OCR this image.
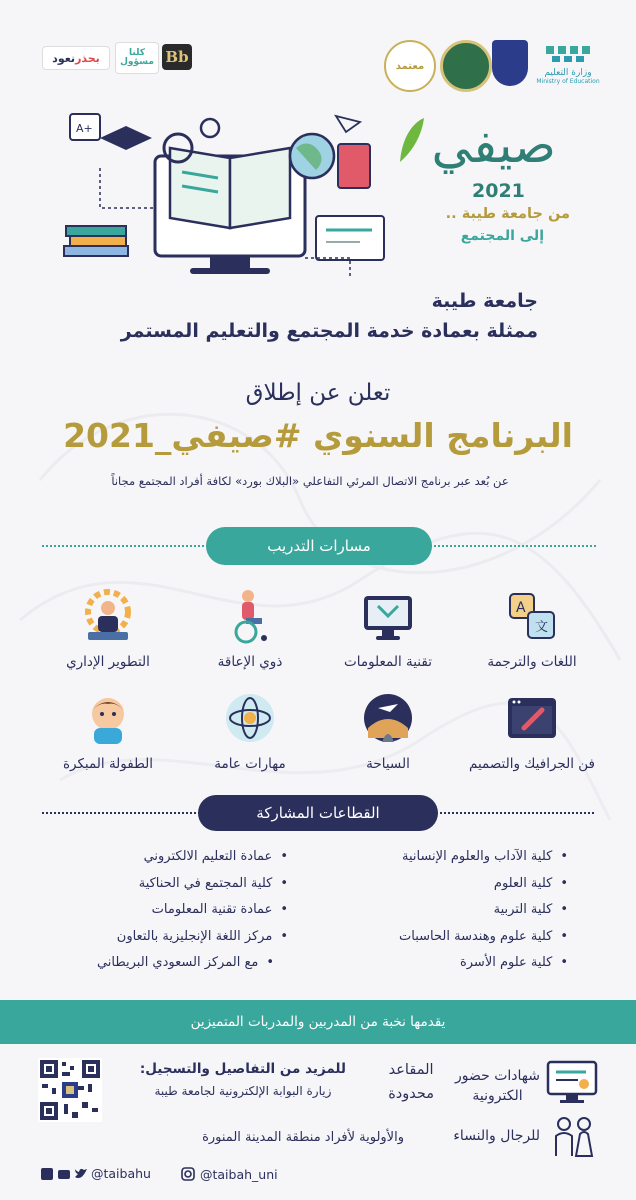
نعود بحذر	كلنا مسؤول Bb	معتمد
وزارة التعليم
Ministry of Education
A+	صيفي
2021
من جامعة طيبة ..
إلى المجتمع
جامعة طيبة
ممثلة بعمادة خدمة المجتمع والتعليم المستمر
تعلن عن إطلاق
البرنامج السنوي #صيفي_2021
عن بُعد عبر برنامج الاتصال المرئي التفاعلي «البلاك بورد» لكافة أفراد المجتمع مجاناً
مسارات التدريب
A
文
اللغات والترجمة
تقنية المعلومات
ذوي الإعاقة
التطوير الإداري
فن الجرافيك والتصميم
السياحة
مهارات عامة
الطفولة المبكرة
القطاعات المشاركة
• كلية الآداب والعلوم الإنسانية
• كلية العلوم
• كلية التربية
• كلية علوم وهندسة الحاسبات
• كلية علوم الأسرة
• عمادة التعليم الالكتروني
• كلية المجتمع في الحناكية
• عمادة تقنية المعلومات
• مركز اللغة الإنجليزية بالتعاون
• مع المركز السعودي البريطاني
يقدمها نخبة من المدربين والمدربات المتميزين
شهادات حضور
الكترونية
المقاعد
محدودة
للمزيد من التفاصيل والتسجيل:
زيارة البوابة الإلكترونية لجامعة طيبة
للرجال والنساء
والأولوية لأفراد منطقة المدينة المنورة
@taibah_uni
@taibahu
